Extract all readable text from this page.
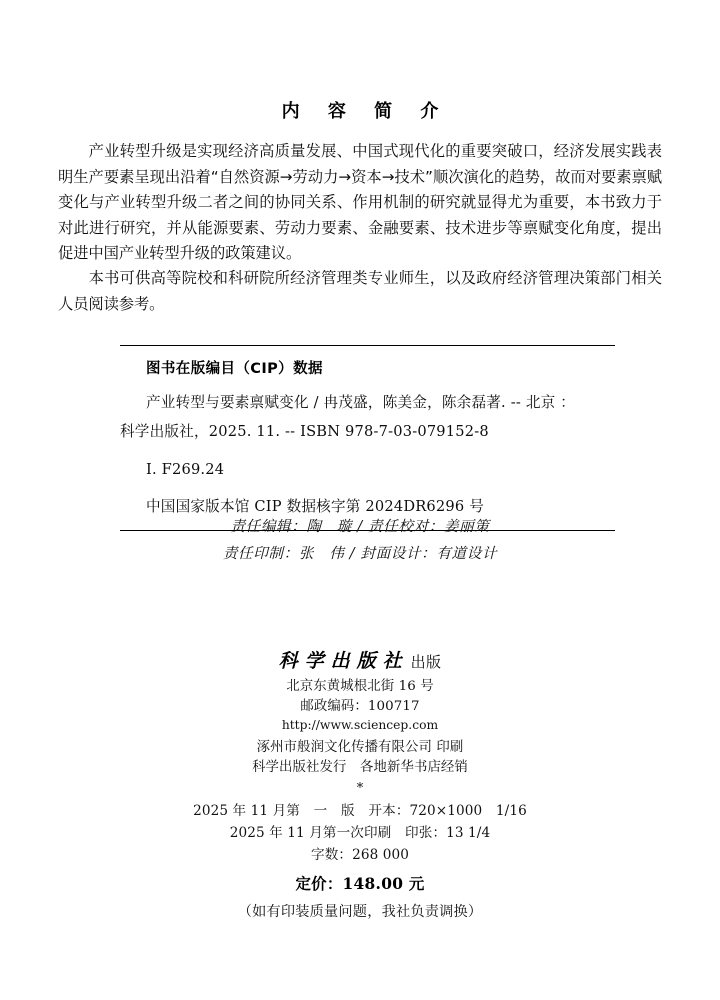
内 容 简 介

产业转型升级是实现经济高质量发展、中国式现代化的重要突破口，经济发展实践表明生产要素呈现出沿着“自然资源→劳动力→资本→技术”顺次演化的趋势，故而对要素禀赋变化与产业转型升级二者之间的协同关系、作用机制的研究就显得尤为重要，本书致力于对此进行研究，并从能源要素、劳动力要素、金融要素、技术进步等禀赋变化角度，提出促进中国产业转型升级的政策建议。

本书可供高等院校和科研院所经济管理类专业师生，以及政府经济管理决策部门相关人员阅读参考。

图书在版编目（CIP）数据

产业转型与要素禀赋变化 / 冉茂盛，陈美金，陈余磊著. -- 北京 ：

科学出版社，2025. 11. -- ISBN 978-7-03-079152-8

Ⅰ. F269.24

中国国家版本馆 CIP 数据核字第 2024DR6296 号

责任编辑：陶　璇 / 责任校对：姜丽策

责任印制：张　伟 / 封面设计：有道设计

科学出版社 出版

北京东黄城根北街 16 号

邮政编码：100717

http://www.sciencep.com

涿州市般润文化传播有限公司 印刷

科学出版社发行　各地新华书店经销

*

2025 年 11 月第　一　版　开本：720×1000　1/16

2025 年 11 月第一次印刷　印张：13 1/4

字数：268 000

定价：148.00 元

（如有印装质量问题，我社负责调换）
